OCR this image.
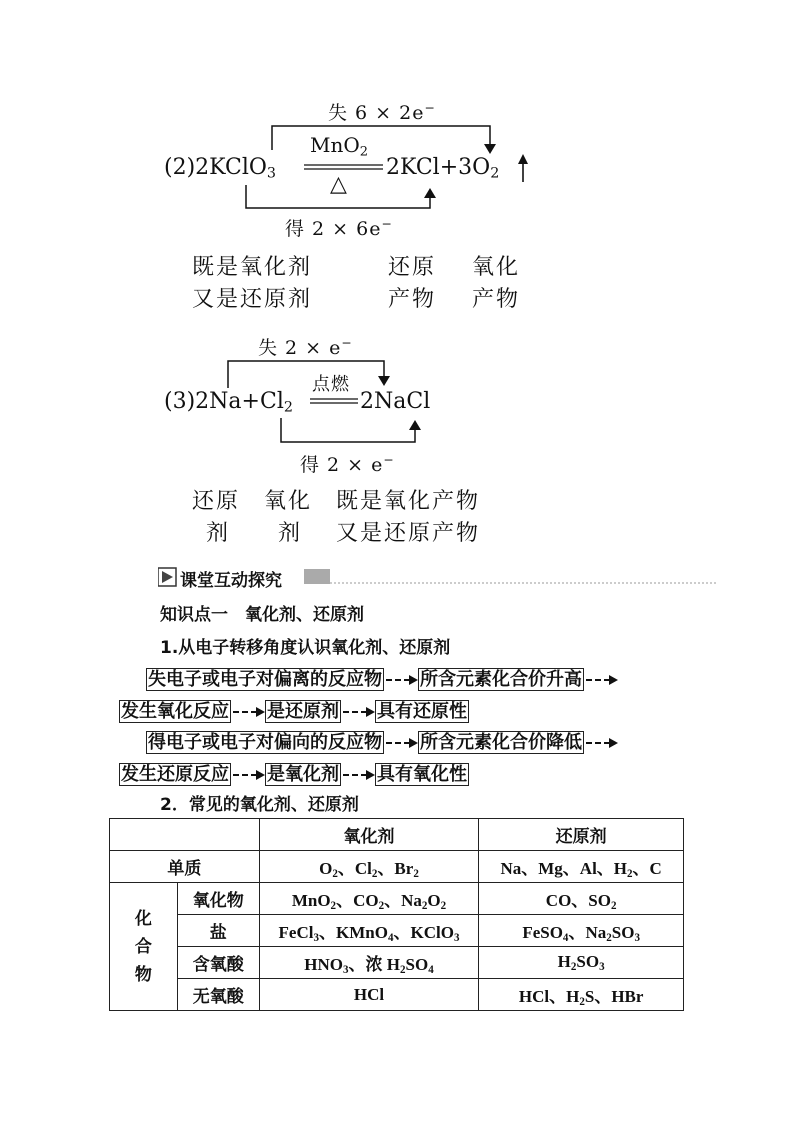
失 6 × 2e−
MnO$_2$
△
(2)2KClO$_3$	$2KCl+3O_2$
得 2 × 6e−
既是氧化剂
又是还原剂
还原
产物
氧化
产物
失 2 × e−
点燃
$(3)2Na+Cl_2$	2NaCl
得 2 × e−
还原
剂
氧化
剂
既是氧化产物
又是还原产物
课堂互动探究
知识点一　氧化剂、还原剂
1.从电子转移角度认识氧化剂、还原剂
失电子或电子对偏离的反应物 所含元素化合价升高
发生氧化反应 是还原剂 具有还原性
得电子或电子对偏向的反应物 所含元素化合价降低
发生还原反应 是氧化剂 具有氧化性
2．常见的氧化剂、还原剂
		氧化剂	还原剂
单质		$O_2$、$Cl_2$、$Br_2$	Na、Mg、Al、$H_2$、C

化
合
物	氧化物	MnO$_2$、$CO_2$、$Na_2O_2$	CO、$SO_2$
	盐	FeCl$_3$、KMnO$_4$、KClO$_3$	FeSO$_4$、$Na_2SO_3$
	含氧酸	$HNO_3$、浓 $H_2SO_4$	$H_2SO_3$
	无氧酸	HCl	HCl、$H_2S$、HBr
